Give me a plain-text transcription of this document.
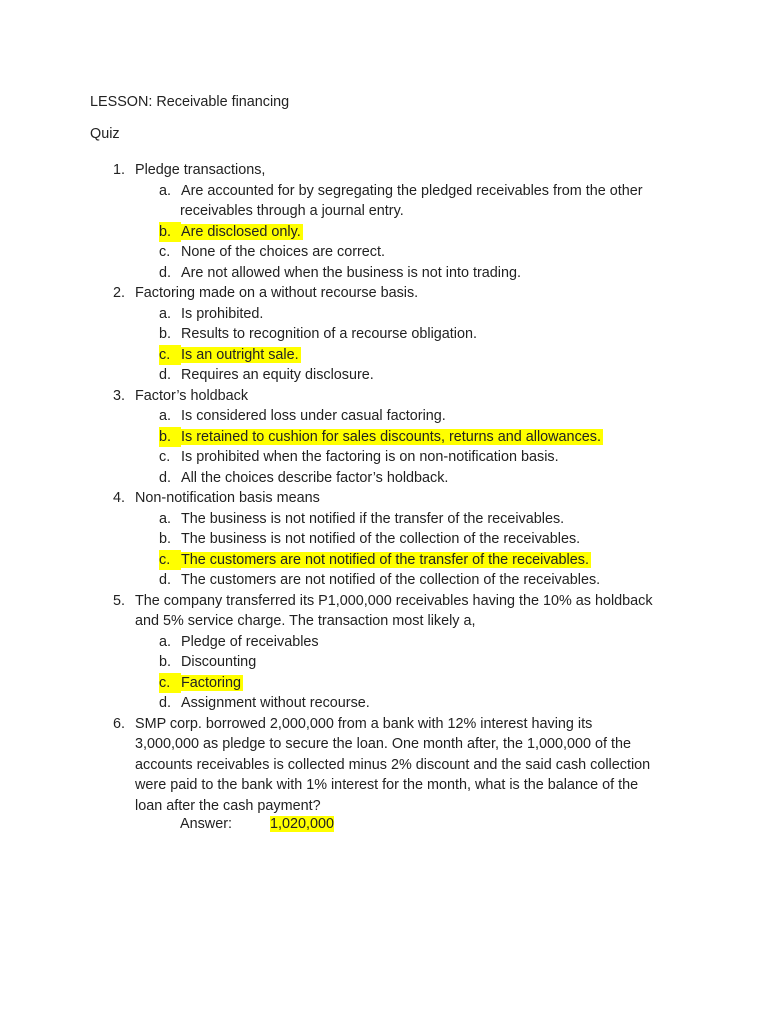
LESSON: Receivable financing
Quiz
1. Pledge transactions,
a. Are accounted for by segregating the pledged receivables from the other
receivables through a journal entry.
b. Are disclosed only.
c. None of the choices are correct.
d. Are not allowed when the business is not into trading.
2. Factoring made on a without recourse basis.
a. Is prohibited.
b. Results to recognition of a recourse obligation.
c. Is an outright sale.
d. Requires an equity disclosure.
3. Factor’s holdback
a. Is considered loss under casual factoring.
b. Is retained to cushion for sales discounts, returns and allowances.
c. Is prohibited when the factoring is on non-notification basis.
d. All the choices describe factor’s holdback.
4. Non-notification basis means
a. The business is not notified if the transfer of the receivables.
b. The business is not notified of the collection of the receivables.
c. The customers are not notified of the transfer of the receivables.
d. The customers are not notified of the collection of the receivables.
5. The company transferred its P1,000,000 receivables having the 10% as holdback
and 5% service charge. The transaction most likely a,
a. Pledge of receivables
b. Discounting
c. Factoring
d. Assignment without recourse.
6. SMP corp. borrowed 2,000,000 from a bank with 12% interest having its
3,000,000 as pledge to secure the loan. One month after, the 1,000,000 of the
accounts receivables is collected minus 2% discount and the said cash collection
were paid to the bank with 1% interest for the month, what is the balance of the
loan after the cash payment?
Answer:	1,020,000
